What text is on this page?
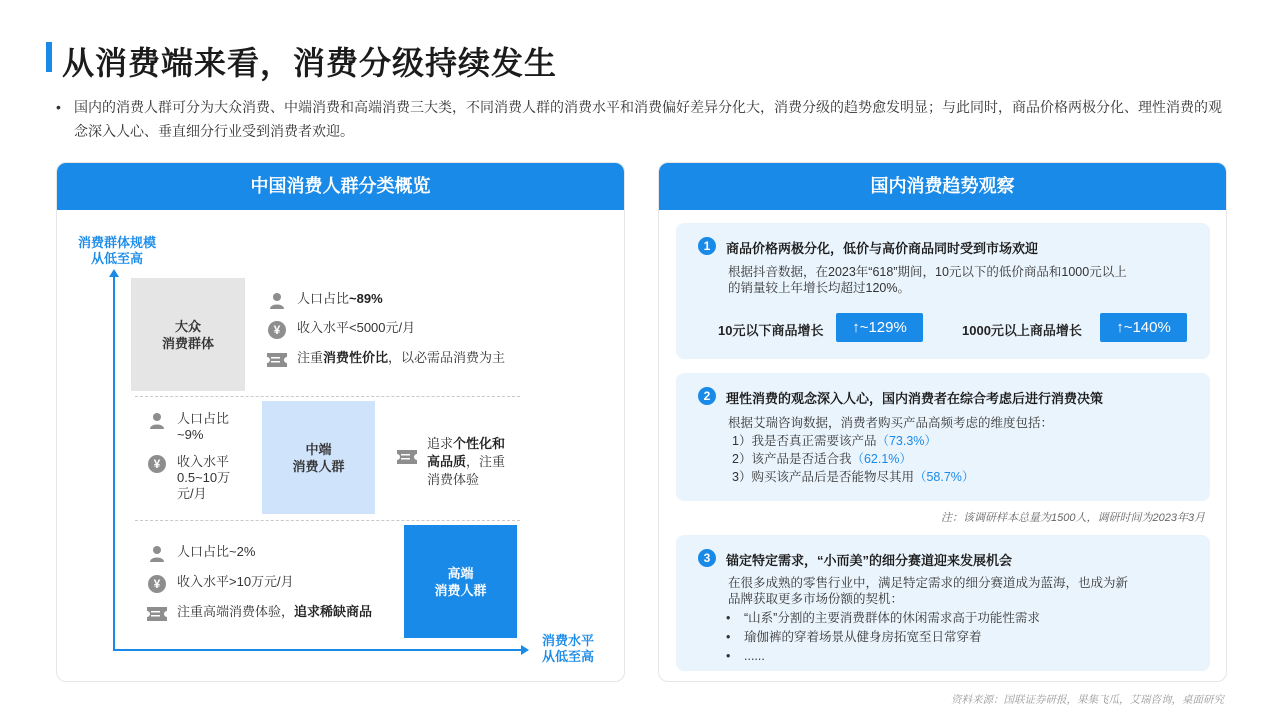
从消费端来看，消费分级持续发生
• 国内的消费人群可分为大众消费、中端消费和高端消费三大类，不同消费人群的消费水平和消费偏好差异分化大，消费分级的趋势愈发明显；与此同时，商品价格两极分化、理性消费的观念深入人心、垂直细分行业受到消费者欢迎。

中国消费人群分类概览
消费群体规模
从低至高
消费水平
从低至高
大众
消费群体
人口占比~89%
¥	收入水平<5000元/月
注重消费性价比，以必需品消费为主
人口占比
~9%
¥	收入水平
0.5~10万
元/月
中端
消费人群
追求个性化和
高品质，注重
消费体验
人口占比~2%
¥	收入水平>10万元/月
注重高端消费体验，追求稀缺商品
高端
消费人群
国内消费趋势观察
1	商品价格两极分化，低价与高价商品同时受到市场欢迎
根据抖音数据，在2023年“618”期间，10元以下的低价商品和1000元以上
的销量较上年增长均超过120%。
10元以下商品增长	↑~129%	1000元以上商品增长	↑~140%
2	理性消费的观念深入人心，国内消费者在综合考虑后进行消费决策
根据艾瑞咨询数据，消费者购买产品高频考虑的维度包括：
1）我是否真正需要该产品（73.3%）
2）该产品是否适合我（62.1%）
3）购买该产品后是否能物尽其用（58.7%）
注：该调研样本总量为1500人，调研时间为2023年3月
3	锚定特定需求，“小而美”的细分赛道迎来发展机会
在很多成熟的零售行业中，满足特定需求的细分赛道成为蓝海，也成为新
品牌获取更多市场份额的契机：
•	“山系”分割的主要消费群体的休闲需求高于功能性需求
•	瑜伽裤的穿着场景从健身房拓宽至日常穿着
•	......
资料来源：国联证券研报，果集飞瓜，艾瑞咨询，桌面研究
